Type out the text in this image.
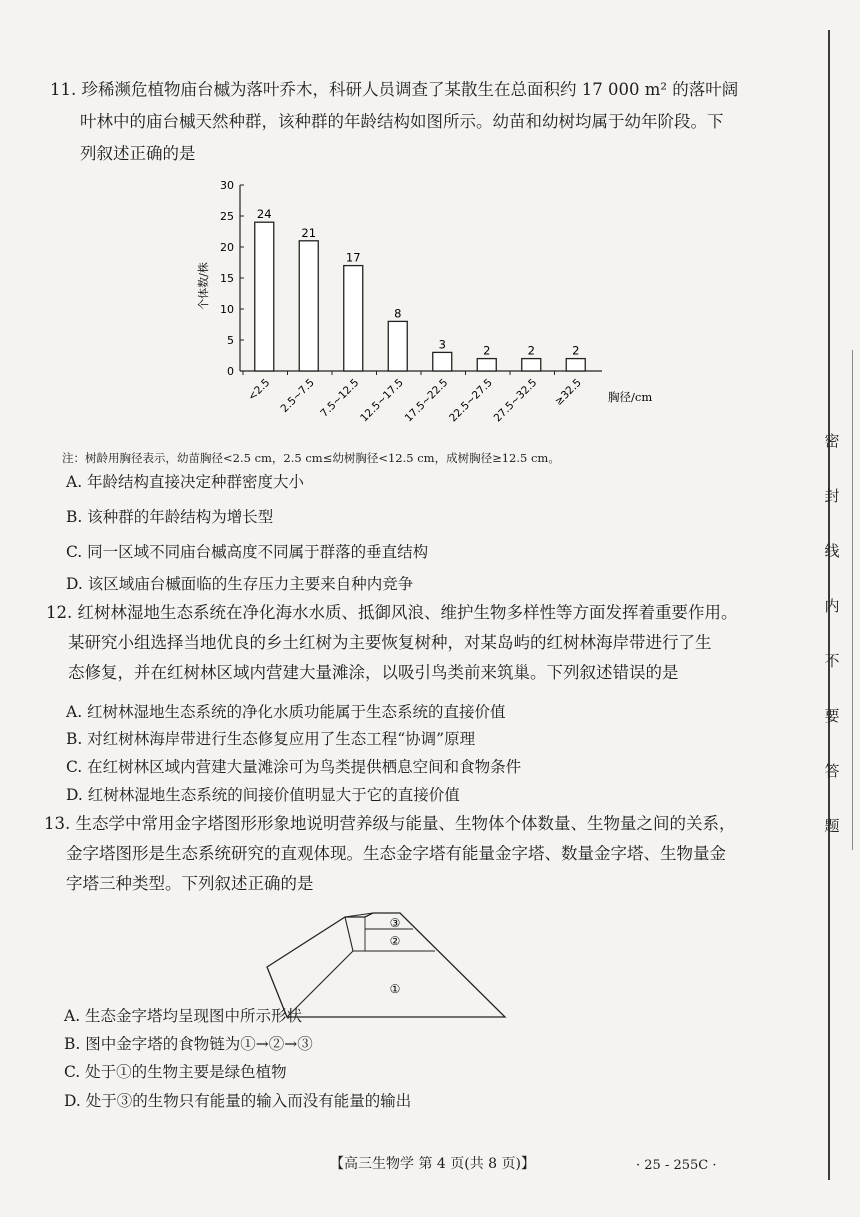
密
封
线
内
不
要
答
题
11. 珍稀濒危植物庙台槭为落叶乔木，科研人员调查了某散生在总面积约 17 000 m² 的落叶阔
叶林中的庙台槭天然种群，该种群的年龄结构如图所示。幼苗和幼树均属于幼年阶段。下
列叙述正确的是
0
5
10
15
20
25
30
个体数/株
24
<2.5
21
2.5~7.5
17
7.5~12.5
8
12.5~17.5
3
17.5~22.5
2
22.5~27.5
2
27.5~32.5
2
≥32.5 胸径/cm
注：树龄用胸径表示，幼苗胸径<2.5 cm，2.5 cm≤幼树胸径<12.5 cm，成树胸径≥12.5 cm。
A. 年龄结构直接决定种群密度大小
B. 该种群的年龄结构为增长型
C. 同一区域不同庙台槭高度不同属于群落的垂直结构
D. 该区域庙台槭面临的生存压力主要来自种内竞争
12. 红树林湿地生态系统在净化海水水质、抵御风浪、维护生物多样性等方面发挥着重要作用。
某研究小组选择当地优良的乡土红树为主要恢复树种，对某岛屿的红树林海岸带进行了生
态修复，并在红树林区域内营建大量滩涂，以吸引鸟类前来筑巢。下列叙述错误的是
A. 红树林湿地生态系统的净化水质功能属于生态系统的直接价值
B. 对红树林海岸带进行生态修复应用了生态工程“协调”原理
C. 在红树林区域内营建大量滩涂可为鸟类提供栖息空间和食物条件
D. 红树林湿地生态系统的间接价值明显大于它的直接价值
13. 生态学中常用金字塔图形形象地说明营养级与能量、生物体个体数量、生物量之间的关系，
金字塔图形是生态系统研究的直观体现。生态金字塔有能量金字塔、数量金字塔、生物量金
字塔三种类型。下列叙述正确的是
③
②
①
A. 生态金字塔均呈现图中所示形状
B. 图中金字塔的食物链为①→②→③
C. 处于①的生物主要是绿色植物
D. 处于③的生物只有能量的输入而没有能量的输出
【高三生物学 第 4 页(共 8 页)】	· 25 - 255C ·
